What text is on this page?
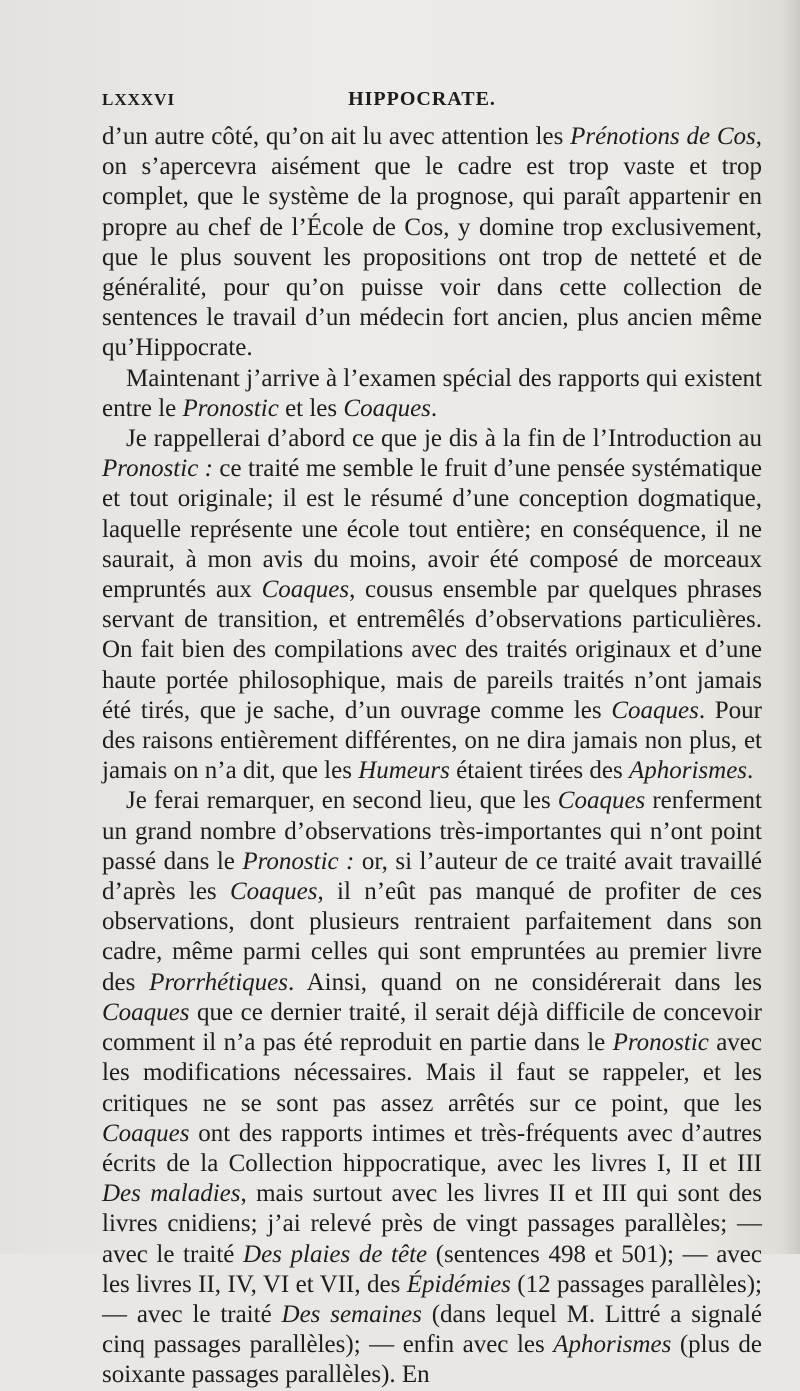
LXXXVI	HIPPOCRATE.

d’un autre côté, qu’on ait lu avec attention les Prénotions de Cos, on s’apercevra aisément que le cadre est trop vaste et trop complet, que le système de la prognose, qui paraît appartenir en propre au chef de l’École de Cos, y domine trop exclusivement, que le plus souvent les propositions ont trop de netteté et de généralité, pour qu’on puisse voir dans cette collection de sentences le travail d’un médecin fort ancien, plus ancien même qu’Hippocrate.

Maintenant j’arrive à l’examen spécial des rapports qui existent entre le Pronostic et les Coaques.

Je rappellerai d’abord ce que je dis à la fin de l’Introduction au Pronostic : ce traité me semble le fruit d’une pensée systématique et tout originale; il est le résumé d’une conception dogmatique, laquelle représente une école tout entière; en conséquence, il ne saurait, à mon avis du moins, avoir été composé de morceaux empruntés aux Coaques, cousus ensemble par quelques phrases servant de transition, et entremêlés d’observations particulières. On fait bien des compilations avec des traités originaux et d’une haute portée philosophique, mais de pareils traités n’ont jamais été tirés, que je sache, d’un ouvrage comme les Coaques. Pour des raisons entièrement différentes, on ne dira jamais non plus, et jamais on n’a dit, que les Humeurs étaient tirées des Aphorismes.

Je ferai remarquer, en second lieu, que les Coaques renferment un grand nombre d’observations très-importantes qui n’ont point passé dans le Pronostic : or, si l’auteur de ce traité avait travaillé d’après les Coaques, il n’eût pas manqué de profiter de ces observations, dont plusieurs rentraient parfaitement dans son cadre, même parmi celles qui sont empruntées au premier livre des Prorrhétiques. Ainsi, quand on ne considérerait dans les Coaques que ce dernier traité, il serait déjà difficile de concevoir comment il n’a pas été reproduit en partie dans le Pronostic avec les modifications nécessaires. Mais il faut se rappeler, et les critiques ne se sont pas assez arrêtés sur ce point, que les Coaques ont des rapports intimes et très-fréquents avec d’autres écrits de la Collection hippocratique, avec les livres I, II et III Des maladies, mais surtout avec les livres II et III qui sont des livres cnidiens; j’ai relevé près de vingt passages parallèles; — avec le traité Des plaies de tête (sentences 498 et 501); — avec les livres II, IV, VI et VII, des Épidémies (12 passages parallèles); — avec le traité Des semaines (dans lequel M. Littré a signalé cinq passages parallèles); — enfin avec les Aphorismes (plus de soixante passages parallèles). En
